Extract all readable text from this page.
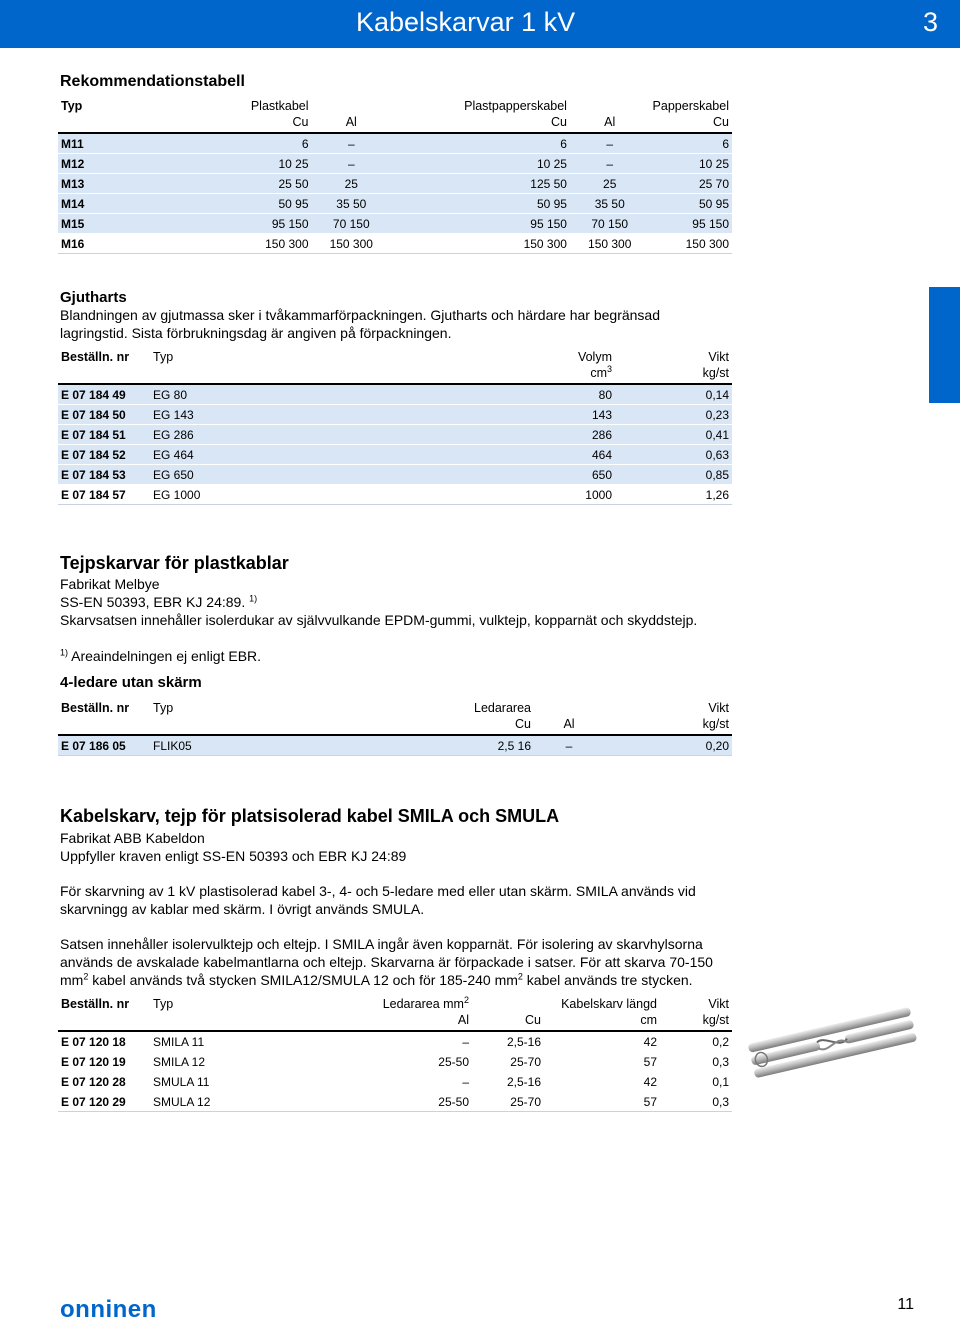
Kabelskarvar 1 kV	3
Rekommendationstabell
Typ	Plastkabel		Plastpapperskabel		Papperskabel
	Cu	Al	Cu	Al	Cu
M11	6	–	6	–	6
M12	10 25	–	10 25	–	10 25
M13	25 50	25	125 50	25	25 70
M14	50 95	35 50	50 95	35 50	50 95
M15	95 150	70 150	95 150	70 150	95 150
M16	150 300	150 300	150 300	150 300	150 300
Gjutharts

Blandningen av gjutmassa sker i tvåkammarförpackningen. Gjutharts och härdare har begränsad

lagringstid. Sista förbrukningsdag är angiven på förpackningen.

Beställn. nr	Typ	Volym	Vikt
		$cm^3$	kg/st
E 07 184 49	EG 80	80	0,14
E 07 184 50	EG 143	143	0,23
E 07 184 51	EG 286	286	0,41
E 07 184 52	EG 464	464	0,63
E 07 184 53	EG 650	650	0,85
E 07 184 57	EG 1000	1000	1,26
Tejpskarvar för plastkablar

Fabrikat Melbye

SS-EN 50393, EBR KJ 24:89. $^{1)}$

Skarvsatsen innehåller isolerdukar av självvulkande EPDM-gummi, vulktejp, kopparnät och skyddstejp.

$^{1)}$ Areaindelningen ej enligt EBR.

4-ledare utan skärm
Beställn. nr	Typ	Ledararea		Vikt
		Cu	Al	kg/st
E 07 186 05	FLIK05	2,5 16	–	0,20
Kabelskarv, tejp för platsisolerad kabel SMILA och SMULA

Fabrikat ABB Kabeldon

Uppfyller kraven enligt SS-EN 50393 och EBR KJ 24:89

För skarvning av 1 kV plastisolerad kabel 3-, 4- och 5-ledare med eller utan skärm. SMILA används vid

skarvningg av kablar med skärm. I övrigt används SMULA.

Satsen innehåller isolervulktejp och eltejp. I SMILA ingår även kopparnät. För isolering av skarvhylsorna

används de avskalade kabelmantlarna och eltejp. Skarvarna är förpackade i satser. För att skarva 70-150

$mm^2$ kabel används två stycken SMILA12/SMULA 12 och för 185-240 $mm^2$ kabel används tre stycken.

Beställn. nr	Typ	Ledararea $mm^2$		Kabelskarv längd	Vikt
		Al	Cu	cm	kg/st
E 07 120 18	SMILA 11	–	2,5-16	42	0,2
E 07 120 19	SMILA 12	25-50	25-70	57	0,3
E 07 120 28	SMULA 11	–	2,5-16	42	0,1
E 07 120 29	SMULA 12	25-50	25-70	57	0,3
onninen	11
